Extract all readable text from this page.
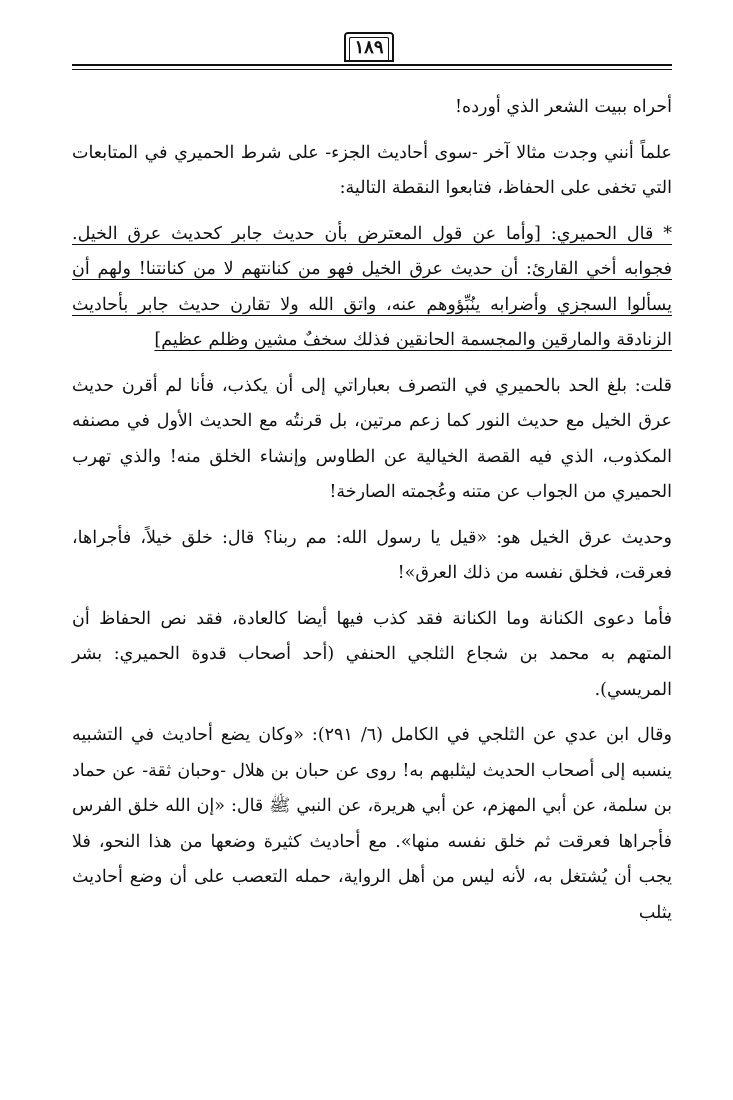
١٨٩

أحراه ببيت الشعر الذي أورده!

علماً أنني وجدت مثالا آخر -سوى أحاديث الجزء- على شرط الحميري في المتابعات التي تخفى على الحفاظ، فتابعوا النقطة التالية:

* قال الحميري: [وأما عن قول المعترض بأن حديث جابر كحديث عرق الخيل. فجوابه أخي القارئ: أن حديث عرق الخيل فهو من كنانتهم لا من كنانتنا! ولهم أن يسألوا السجزي وأضرابه ينُبِّؤوهم عنه، واتق الله ولا تقارن حديث جابر بأحاديث الزنادقة والمارقين والمجسمة الحانقين فذلك سخفٌ مشين وظلم عظيم]

قلت: بلغ الحد بالحميري في التصرف بعباراتي إلى أن يكذب، فأنا لم أقرن حديث عرق الخيل مع حديث النور كما زعم مرتين، بل قرنتُه مع الحديث الأول في مصنفه المكذوب، الذي فيه القصة الخيالية عن الطاوس وإنشاء الخلق منه! والذي تهرب الحميري من الجواب عن متنه وعُجمته الصارخة!

وحديث عرق الخيل هو: «قيل يا رسول الله: مم ربنا؟ قال: خلق خيلاً، فأجراها، فعرقت، فخلق نفسه من ذلك العرق»!

فأما دعوى الكنانة وما الكنانة فقد كذب فيها أيضا كالعادة، فقد نص الحفاظ أن المتهم به محمد بن شجاع الثلجي الحنفي (أحد أصحاب قدوة الحميري: بشر المريسي).

وقال ابن عدي عن الثلجي في الكامل (٦/ ٢٩١): «وكان يضع أحاديث في التشبيه ينسبه إلى أصحاب الحديث ليثلبهم به! روى عن حبان بن هلال -وحبان ثقة- عن حماد بن سلمة، عن أبي المهزم، عن أبي هريرة، عن النبي ﷺ قال: «إن الله خلق الفرس فأجراها فعرقت ثم خلق نفسه منها». مع أحاديث كثيرة وضعها من هذا النحو، فلا يجب أن يُشتغل به، لأنه ليس من أهل الرواية، حمله التعصب على أن وضع أحاديث يثلب
